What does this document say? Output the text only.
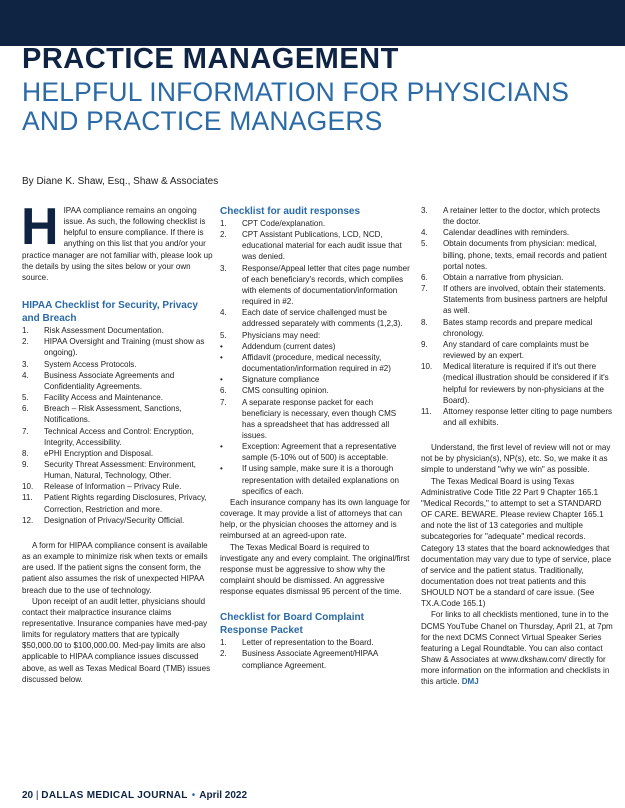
PRACTICE MANAGEMENT
HELPFUL INFORMATION FOR PHYSICIANS AND PRACTICE MANAGERS
By Diane K. Shaw, Esq., Shaw & Associates

HIPAA compliance remains an ongoing issue. As such, the following checklist is helpful to ensure compliance. If there is anything on this list that you and/or your practice manager are not familiar with, please look up the details by using the sites below or your own source.

HIPAA Checklist for Security, Privacy and Breach
1. Risk Assessment Documentation.
2. HIPAA Oversight and Training (must show as ongoing).
3. System Access Protocols.
4. Business Associate Agreements and Confidentiality Agreements.
5. Facility Access and Maintenance.
6. Breach – Risk Assessment, Sanctions, Notifications.
7. Technical Access and Control: Encryption, Integrity, Accessibility.
8. ePHI Encryption and Disposal.
9. Security Threat Assessment: Environment, Human, Natural, Technology, Other.
10. Release of Information – Privacy Rule.
11. Patient Rights regarding Disclosures, Privacy, Correction, Restriction and more.
12. Designation of Privacy/Security Official.

A form for HIPAA compliance consent is available as an example to minimize risk when texts or emails are used. If the patient signs the consent form, the patient also assumes the risk of unexpected HIPAA breach due to the use of technology.

Upon receipt of an audit letter, physicians should contact their malpractice insurance claims representative. Insurance companies have med-pay limits for regulatory matters that are typically $50,000.00 to $100,000.00. Med-pay limits are also applicable to HIPAA compliance issues discussed above, as well as Texas Medical Board (TMB) issues discussed below.

Checklist for audit responses
1. CPT Code/explanation.
2. CPT Assistant Publications, LCD, NCD, educational material for each audit issue that was denied.
3. Response/Appeal letter that cites page number of each beneficiary's records, which complies with elements of documentation/information required in #2.
4. Each date of service challenged must be addressed separately with comments (1,2,3).
5. Physicians may need:
• Addendum (current dates)
• Affidavit (procedure, medical necessity, documentation/information required in #2)
• Signature compliance
6. CMS consulting opinion.
7. A separate response packet for each beneficiary is necessary, even though CMS has a spreadsheet that has addressed all issues.
• Exception: Agreement that a representative sample (5-10% out of 500) is acceptable.
• If using sample, make sure it is a thorough representation with detailed explanations on specifics of each.

Each insurance company has its own language for coverage. It may provide a list of attorneys that can help, or the physician chooses the attorney and is reimbursed at an agreed-upon rate.

The Texas Medical Board is required to investigate any and every complaint. The original/first response must be aggressive to show why the complaint should be dismissed. An aggressive response equates dismissal 95 percent of the time.

Checklist for Board Complaint Response Packet
1. Letter of representation to the Board.
2. Business Associate Agreement/HIPAA compliance Agreement.
3. A retainer letter to the doctor, which protects the doctor.
4. Calendar deadlines with reminders.
5. Obtain documents from physician: medical, billing, phone, texts, email records and patient portal notes.
6. Obtain a narrative from physician.
7. If others are involved, obtain their statements. Statements from business partners are helpful as well.
8. Bates stamp records and prepare medical chronology.
9. Any standard of care complaints must be reviewed by an expert.
10. Medical literature is required if it's out there (medical illustration should be considered if it's helpful for reviewers by non-physicians at the Board).
11. Attorney response letter citing to page numbers and all exhibits.

Understand, the first level of review will not or may not be by physician(s), NP(s), etc. So, we make it as simple to understand "why we win" as possible.

The Texas Medical Board is using Texas Administrative Code Title 22 Part 9 Chapter 165.1 "Medical Records," to attempt to set a STANDARD OF CARE. BEWARE. Please review Chapter 165.1 and note the list of 13 categories and multiple subcategories for "adequate" medical records. Category 13 states that the board acknowledges that documentation may vary due to type of service, place of service and the patient status. Traditionally, documentation does not treat patients and this SHOULD NOT be a standard of care issue. (See TX.A.Code 165.1)

For links to all checklists mentioned, tune in to the DCMS YouTube Chanel on Thursday, April 21, at 7pm for the next DCMS Connect Virtual Speaker Series featuring a Legal Roundtable. You can also contact Shaw & Associates at www.dkshaw.com/ directly for more information on the information and checklists in this article. DMJ

20 | DALLAS MEDICAL JOURNAL • April 2022
